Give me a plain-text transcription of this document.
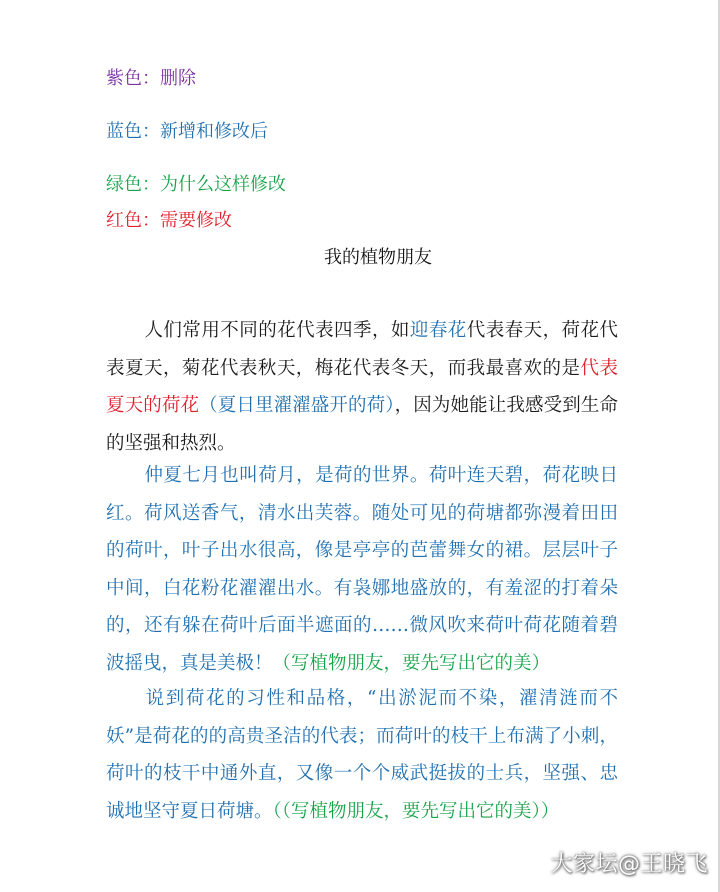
紫色：删除
蓝色：新增和修改后
绿色：为什么这样修改
红色：需要修改
我的植物朋友
人们常用不同的花代表四季，如迎春花代表春天，荷花代表夏天，菊花代表秋天，梅花代表冬天，而我最喜欢的是代表夏天的荷花（夏日里濯濯盛开的荷），因为她能让我感受到生命的坚强和热烈。
仲夏七月也叫荷月，是荷的世界。荷叶连天碧，荷花映日红。荷风送香气，清水出芙蓉。随处可见的荷塘都弥漫着田田的荷叶，叶子出水很高，像是亭亭的芭蕾舞女的裙。层层叶子中间，白花粉花濯濯出水。有袅娜地盛放的，有羞涩的打着朵的，还有躲在荷叶后面半遮面的……微风吹来荷叶荷花随着碧波摇曳，真是美极！（写植物朋友，要先写出它的美）
说到荷花的习性和品格，“出淤泥而不染，濯清涟而不妖”是荷花的的高贵圣洁的代表；而荷叶的枝干上布满了小刺，荷叶的枝干中通外直，又像一个个威武挺拔的士兵，坚强、忠诚地坚守夏日荷塘。（（写植物朋友，要先写出它的美））
大家坛@王晓飞
